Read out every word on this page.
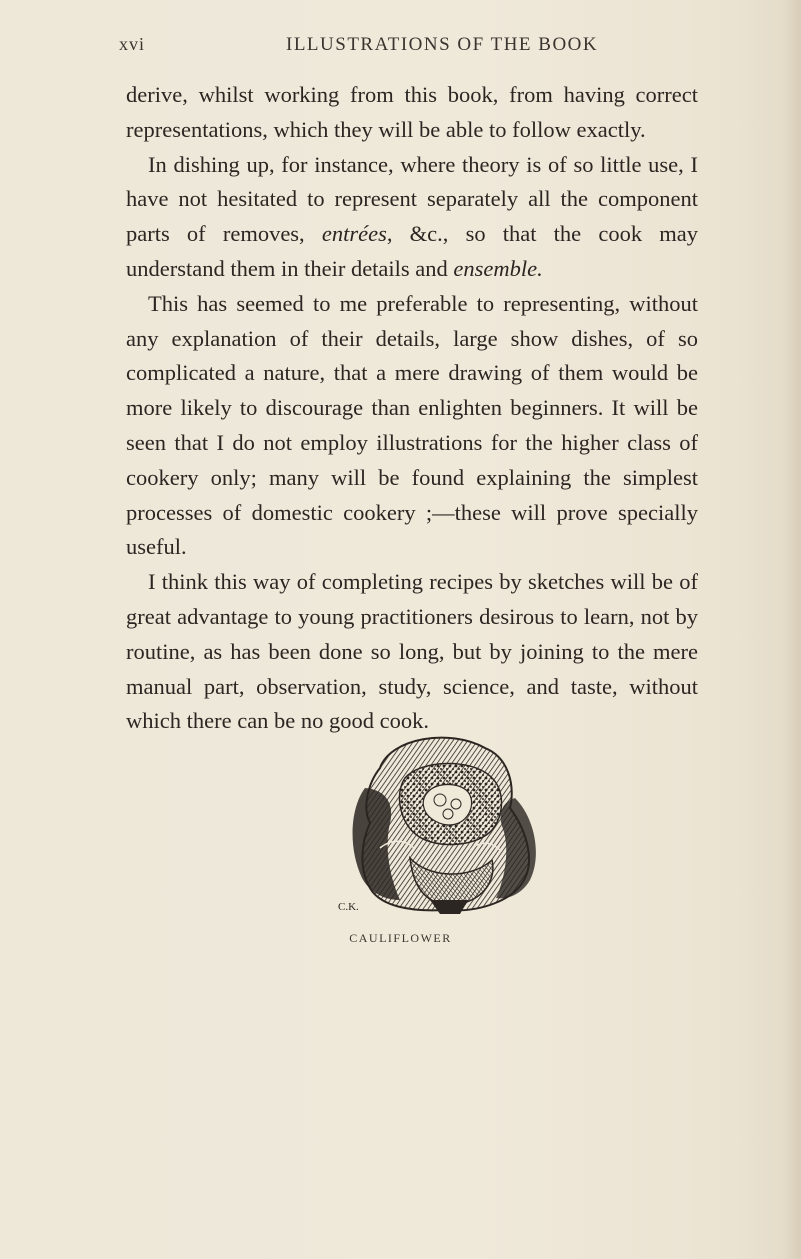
xvi	ILLUSTRATIONS OF THE BOOK

derive, whilst working from this book, from having correct representations, which they will be able to follow exactly.

In dishing up, for instance, where theory is of so little use, I have not hesitated to represent separately all the component parts of removes, entrées, &c., so that the cook may understand them in their details and ensemble.

This has seemed to me preferable to representing, without any explanation of their details, large show dishes, of so complicated a nature, that a mere drawing of them would be more likely to discourage than enlighten beginners. It will be seen that I do not employ illustrations for the higher class of cookery only; many will be found explaining the simplest processes of domestic cookery ;—these will prove specially useful.

I think this way of completing recipes by sketches will be of great advantage to young practitioners desirous to learn, not by routine, as has been done so long, but by joining to the mere manual part, observation, study, science, and taste, without which there can be no good cook.

C.K.
CAULIFLOWER
